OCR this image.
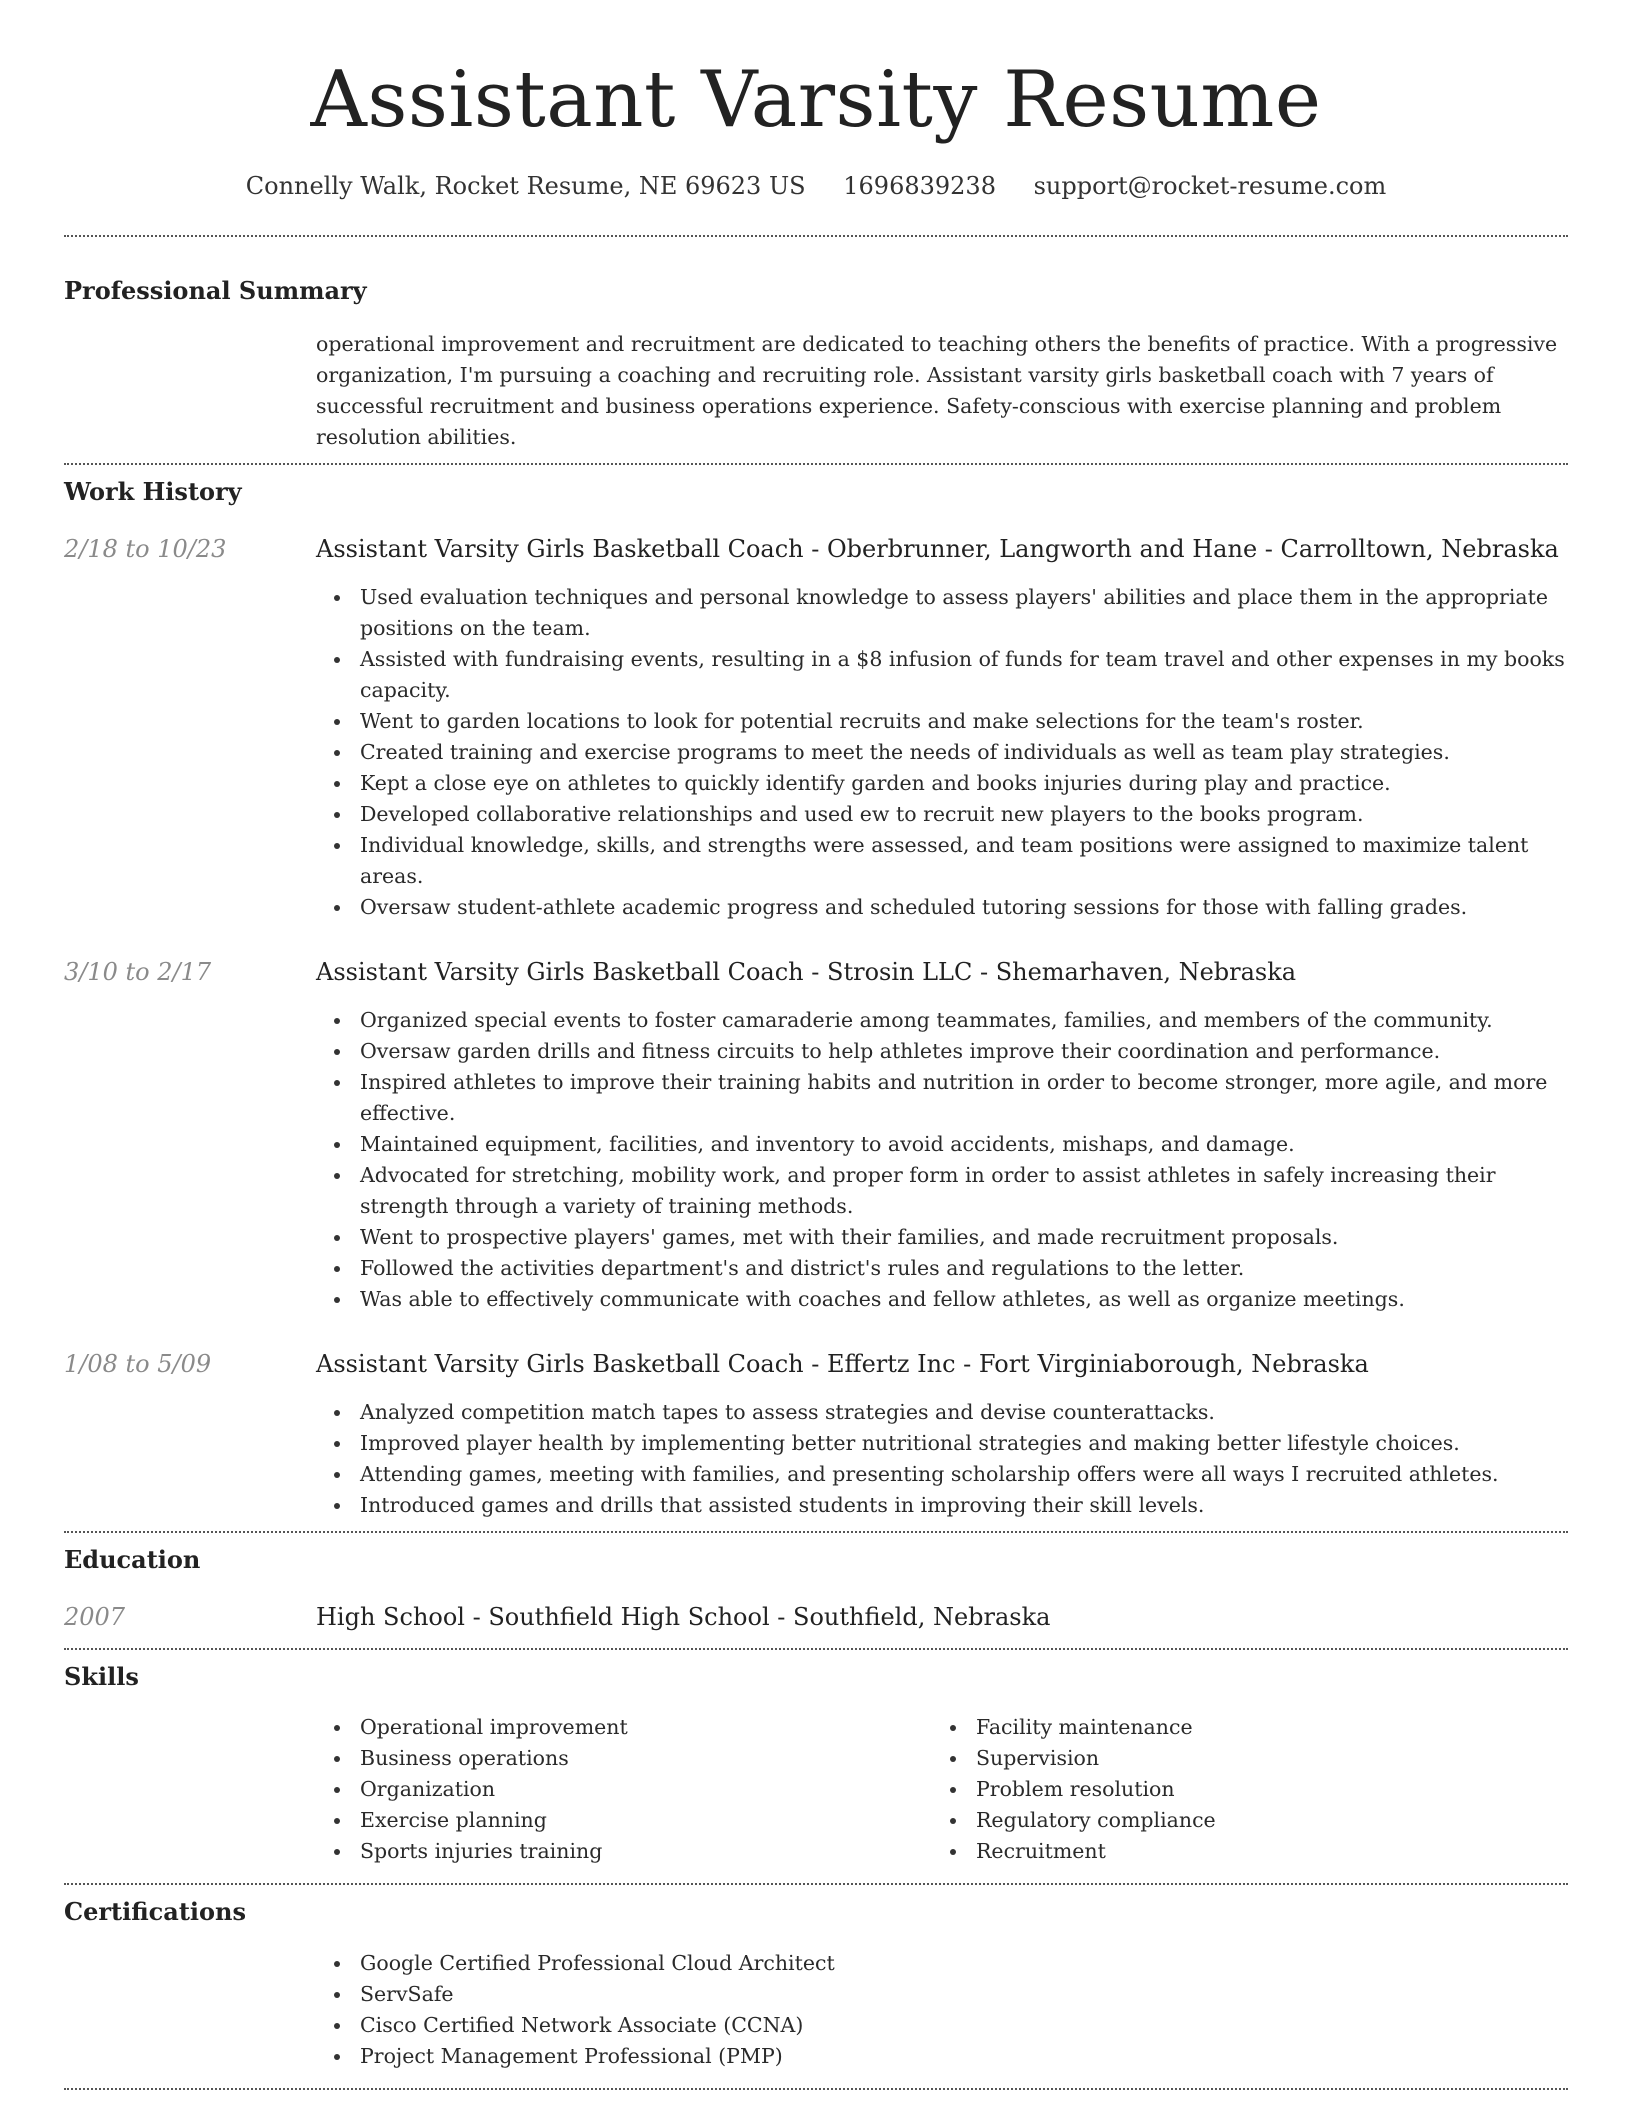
Assistant Varsity Resume
Connelly Walk, Rocket Resume, NE 69623 US 1696839238 support@rocket-resume.com
Professional Summary
operational improvement and recruitment are dedicated to teaching others the benefits of practice. With a progressive organization, I'm pursuing a coaching and recruiting role. Assistant varsity girls basketball coach with 7 years of successful recruitment and business operations experience. Safety-conscious with exercise planning and problem resolution abilities.
Work History
2/18 to 10/23	Assistant Varsity Girls Basketball Coach - Oberbrunner, Langworth and Hane - Carrolltown, Nebraska
Used evaluation techniques and personal knowledge to assess players' abilities and place them in the appropriate positions on the team.
Assisted with fundraising events, resulting in a $8 infusion of funds for team travel and other expenses in my books capacity.
Went to garden locations to look for potential recruits and make selections for the team's roster.
Created training and exercise programs to meet the needs of individuals as well as team play strategies.
Kept a close eye on athletes to quickly identify garden and books injuries during play and practice.
Developed collaborative relationships and used ew to recruit new players to the books program.
Individual knowledge, skills, and strengths were assessed, and team positions were assigned to maximize talent areas.
Oversaw student-athlete academic progress and scheduled tutoring sessions for those with falling grades.
3/10 to 2/17	Assistant Varsity Girls Basketball Coach - Strosin LLC - Shemarhaven, Nebraska
Organized special events to foster camaraderie among teammates, families, and members of the community.
Oversaw garden drills and fitness circuits to help athletes improve their coordination and performance.
Inspired athletes to improve their training habits and nutrition in order to become stronger, more agile, and more effective.
Maintained equipment, facilities, and inventory to avoid accidents, mishaps, and damage.
Advocated for stretching, mobility work, and proper form in order to assist athletes in safely increasing their strength through a variety of training methods.
Went to prospective players' games, met with their families, and made recruitment proposals.
Followed the activities department's and district's rules and regulations to the letter.
Was able to effectively communicate with coaches and fellow athletes, as well as organize meetings.
1/08 to 5/09	Assistant Varsity Girls Basketball Coach - Effertz Inc - Fort Virginiaborough, Nebraska
Analyzed competition match tapes to assess strategies and devise counterattacks.
Improved player health by implementing better nutritional strategies and making better lifestyle choices.
Attending games, meeting with families, and presenting scholarship offers were all ways I recruited athletes.
Introduced games and drills that assisted students in improving their skill levels.
Education
2007	High School - Southfield High School - Southfield, Nebraska
Skills
Operational improvement
Business operations
Organization
Exercise planning
Sports injuries training
Facility maintenance
Supervision
Problem resolution
Regulatory compliance
Recruitment
Certifications
Google Certified Professional Cloud Architect
ServSafe
Cisco Certified Network Associate (CCNA)
Project Management Professional (PMP)
